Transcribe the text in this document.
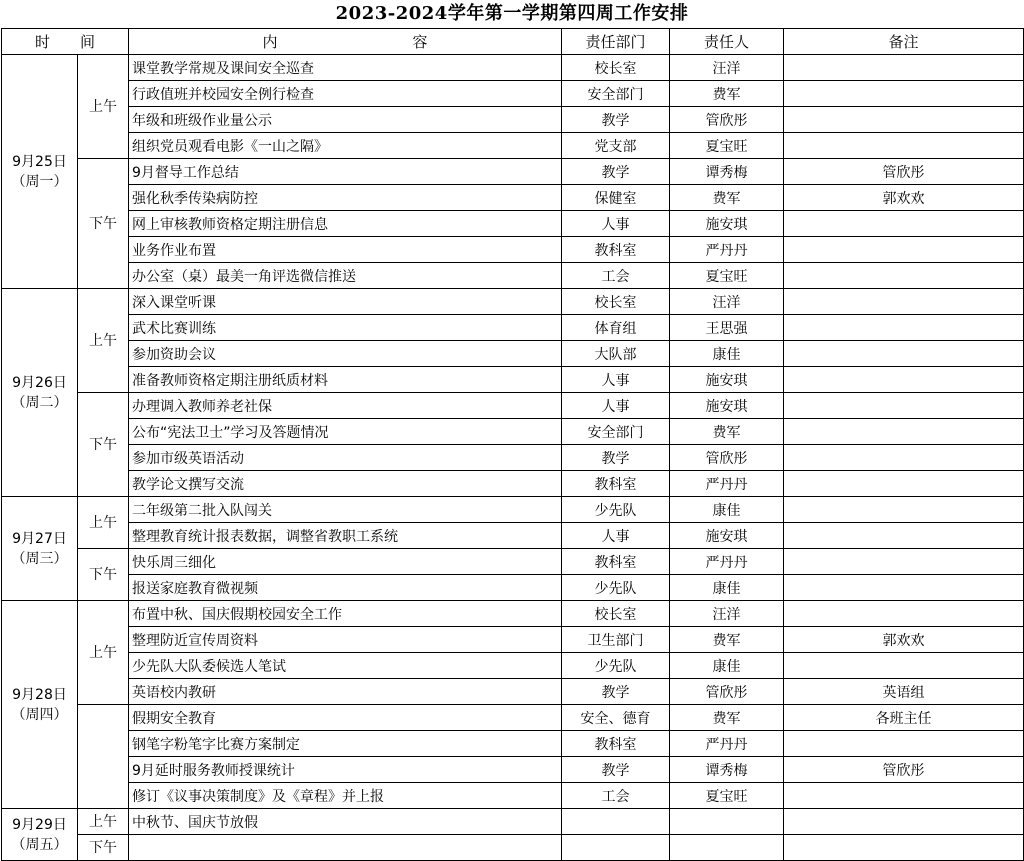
2023-2024学年第一学期第四周工作安排
时　　间		内　　　　　　　　　容	责任部门	责任人	备注

9月25日
（周一）	上午	课堂教学常规及课间安全巡查	校长室	汪洋	
		行政值班并校园安全例行检查	安全部门	费军	
		年级和班级作业量公示	教学	管欣彤	
		组织党员观看电影《一山之隔》	党支部	夏宝旺	
	下午	9月督导工作总结	教学	谭秀梅	管欣彤
		强化秋季传染病防控	保健室	费军	郭欢欢
		网上审核教师资格定期注册信息	人事	施安琪	
		业务作业布置	教科室	严丹丹	
		办公室（桌）最美一角评选微信推送	工会	夏宝旺	

9月26日
（周二）	上午	深入课堂听课	校长室	汪洋	
		武术比赛训练	体育组	王思强	
		参加资助会议	大队部	康佳	
		准备教师资格定期注册纸质材料	人事	施安琪	
	下午	办理调入教师养老社保	人事	施安琪	
		公布“宪法卫士”学习及答题情况	安全部门	费军	
		参加市级英语活动	教学	管欣彤	
		教学论文撰写交流	教科室	严丹丹	

9月27日
（周三）	上午	二年级第二批入队闯关	少先队	康佳	
		整理教育统计报表数据，调整省教职工系统	人事	施安琪	
	下午	快乐周三细化	教科室	严丹丹	
		报送家庭教育微视频	少先队	康佳	

9月28日
（周四）	上午	布置中秋、国庆假期校园安全工作	校长室	汪洋	
		整理防近宣传周资料	卫生部门	费军	郭欢欢
		少先队大队委候选人笔试	少先队	康佳	
		英语校内教研	教学	管欣彤	英语组
		假期安全教育	安全、德育	费军	各班主任
		钢笔字粉笔字比赛方案制定	教科室	严丹丹	
		9月延时服务教师授课统计	教学	谭秀梅	管欣彤
		修订《议事决策制度》及《章程》并上报	工会	夏宝旺	

9月29日
（周五）	上午	中秋节、国庆节放假			
	下午				
